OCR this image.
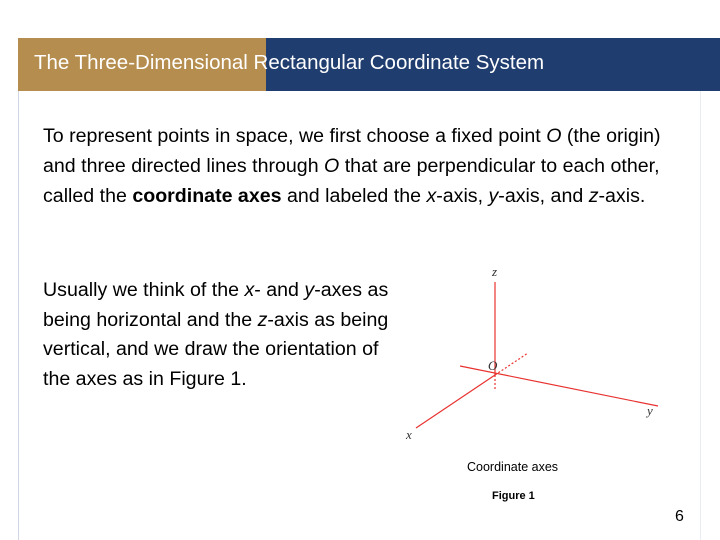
The Three-Dimensional Rectangular Coordinate System

To represent points in space, we first choose a fixed point O (the origin) and three directed lines through O that are perpendicular to each other, called the coordinate axes and labeled the x-axis, y-axis, and z-axis.

Usually we think of the x- and y-axes as being horizontal and the z-axis as being vertical, and we draw the orientation of the axes as in Figure 1.

z
O
y
x
Coordinate axes
Figure 1
6
